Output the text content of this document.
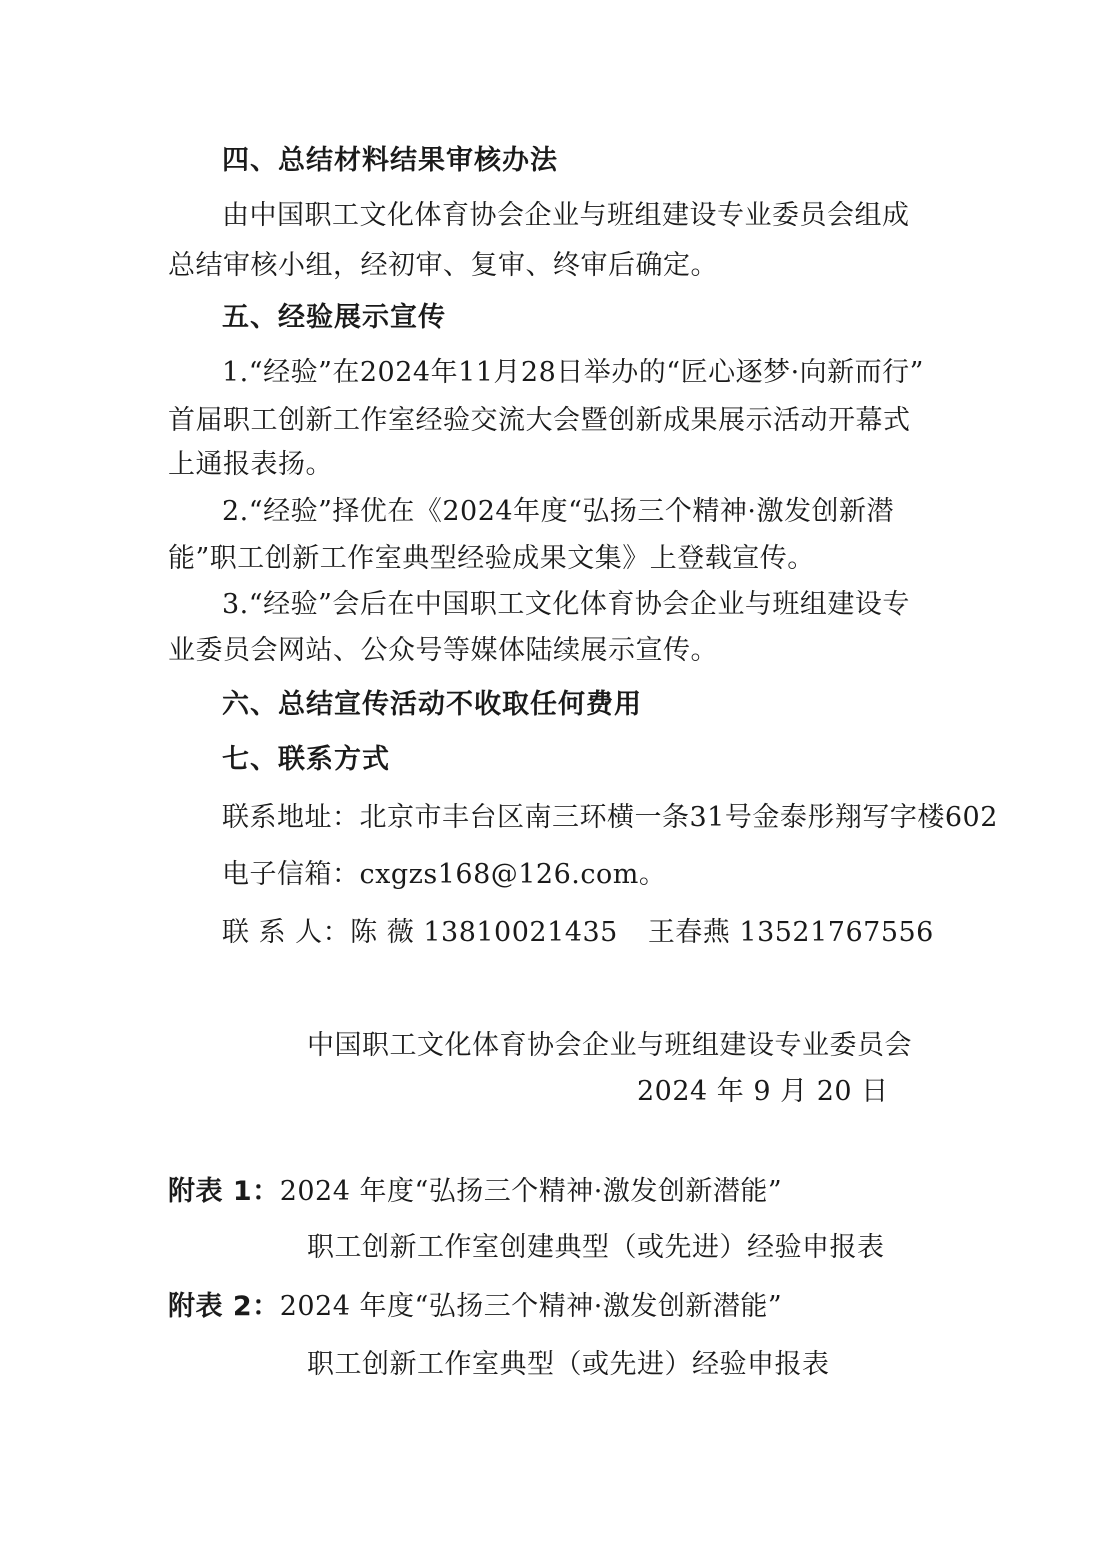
四、总结材料结果审核办法
由中国职工文化体育协会企业与班组建设专业委员会组成
总结审核小组，经初审、复审、终审后确定。
五、经验展示宣传
1.“经验”在2024年11月28日举办的“匠心逐梦·向新而行”
首届职工创新工作室经验交流大会暨创新成果展示活动开幕式
上通报表扬。
2.“经验”择优在《2024年度“弘扬三个精神·激发创新潜
能”职工创新工作室典型经验成果文集》上登载宣传。
3.“经验”会后在中国职工文化体育协会企业与班组建设专
业委员会网站、公众号等媒体陆续展示宣传。
六、总结宣传活动不收取任何费用
七、联系方式
联系地址：北京市丰台区南三环横一条31号金泰彤翔写字楼602
电子信箱：cxgzs168@126.com。
联 系 人：陈 薇 13810021435 王春燕 13521767556
中国职工文化体育协会企业与班组建设专业委员会
2024 年 9 月 20 日
附表 1：2024 年度“弘扬三个精神·激发创新潜能”
职工创新工作室创建典型（或先进）经验申报表
附表 2：2024 年度“弘扬三个精神·激发创新潜能”
职工创新工作室典型（或先进）经验申报表
